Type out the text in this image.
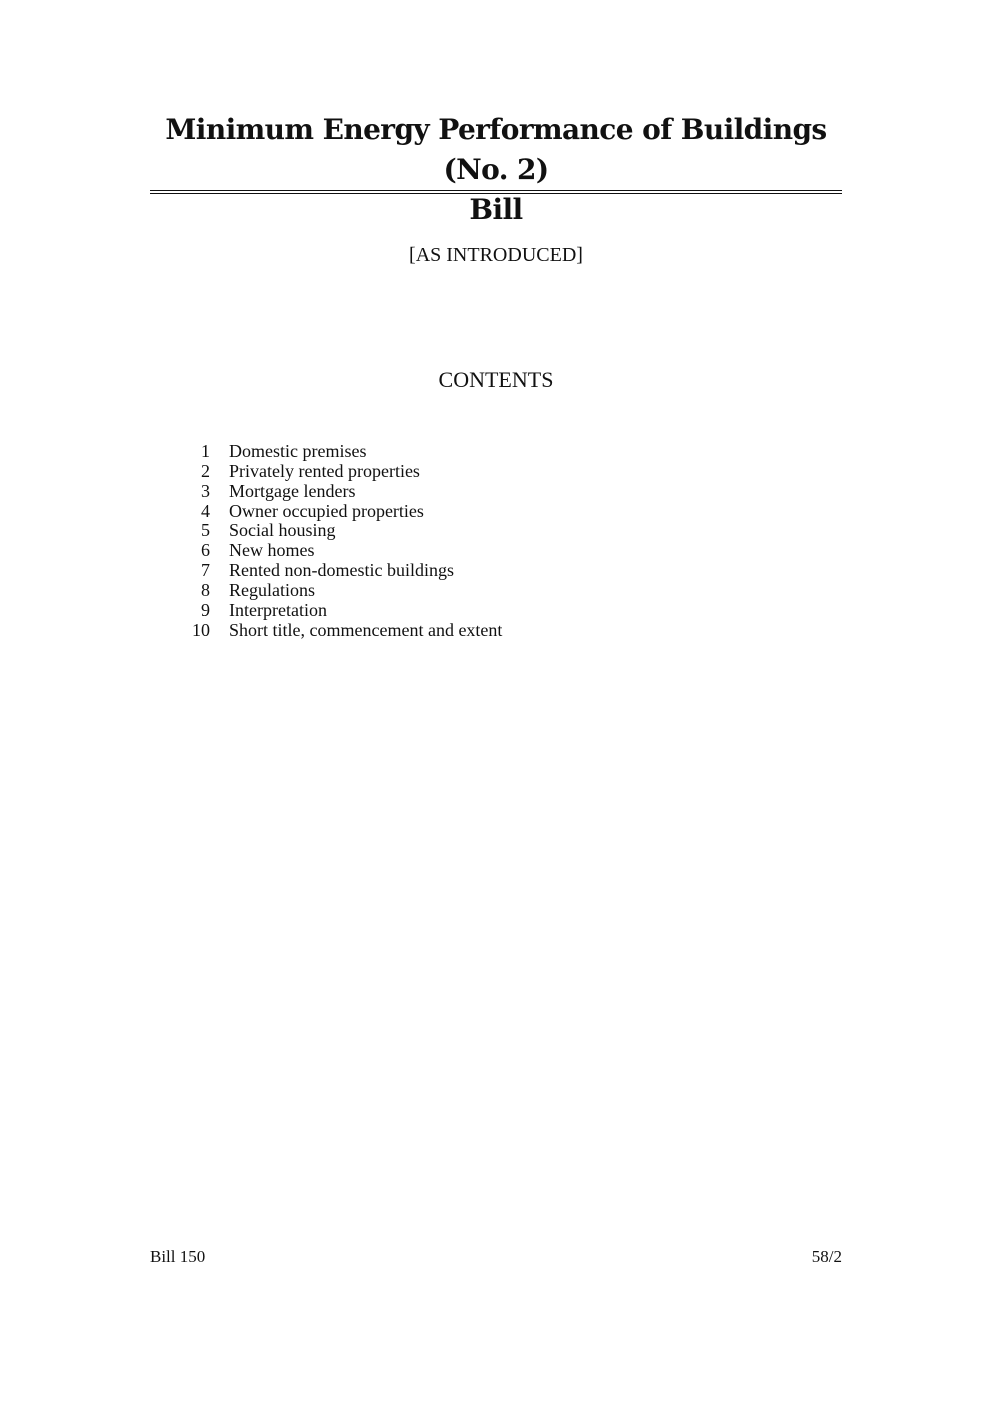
Minimum Energy Performance of Buildings (No. 2)
Bill
[AS INTRODUCED]
CONTENTS
1 Domestic premises
2 Privately rented properties
3 Mortgage lenders
4 Owner occupied properties
5 Social housing
6 New homes
7 Rented non-domestic buildings
8 Regulations
9 Interpretation
10 Short title, commencement and extent
Bill 150	58/2
